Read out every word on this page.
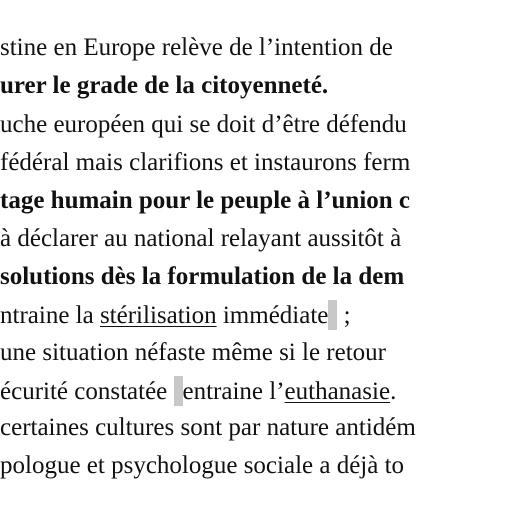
stine en Europe relève de l’intention de
urer le grade de la citoyenneté.
uche européen qui se doit d’être défendu
fédéral mais clarifions et instaurons ferm
tage humain pour le peuple à l’union c
à déclarer au national relayant aussitôt à
solutions dès la formulation de la dem
ntraine la stérilisation immédiate ;
une situation néfaste même si le retour
écurité constatée entraine l’euthanasie.
certaines cultures sont par nature antidém
pologue et psychologue sociale a déjà to
